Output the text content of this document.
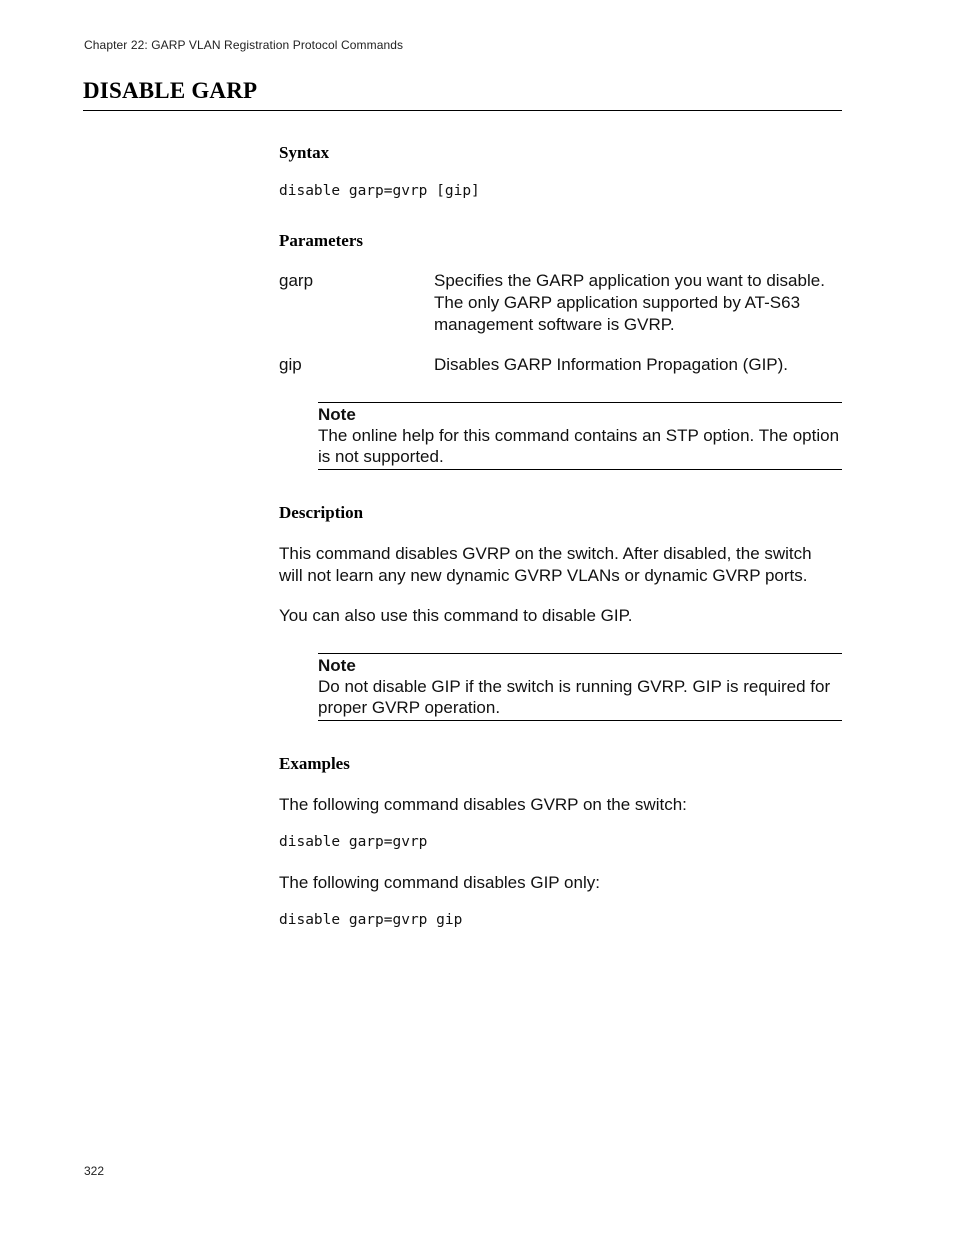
Chapter 22: GARP VLAN Registration Protocol Commands
DISABLE GARP
Syntax
disable garp=gvrp [gip]
Parameters
garp	Specifies the GARP application you want to disable. The only GARP application supported by AT-S63 management software is GVRP.
gip	Disables GARP Information Propagation (GIP).
Note
The online help for this command contains an STP option. The option is not supported.
Description
This command disables GVRP on the switch. After disabled, the switch will not learn any new dynamic GVRP VLANs or dynamic GVRP ports.
You can also use this command to disable GIP.
Note
Do not disable GIP if the switch is running GVRP. GIP is required for proper GVRP operation.
Examples
The following command disables GVRP on the switch:
disable garp=gvrp
The following command disables GIP only:
disable garp=gvrp gip
322
